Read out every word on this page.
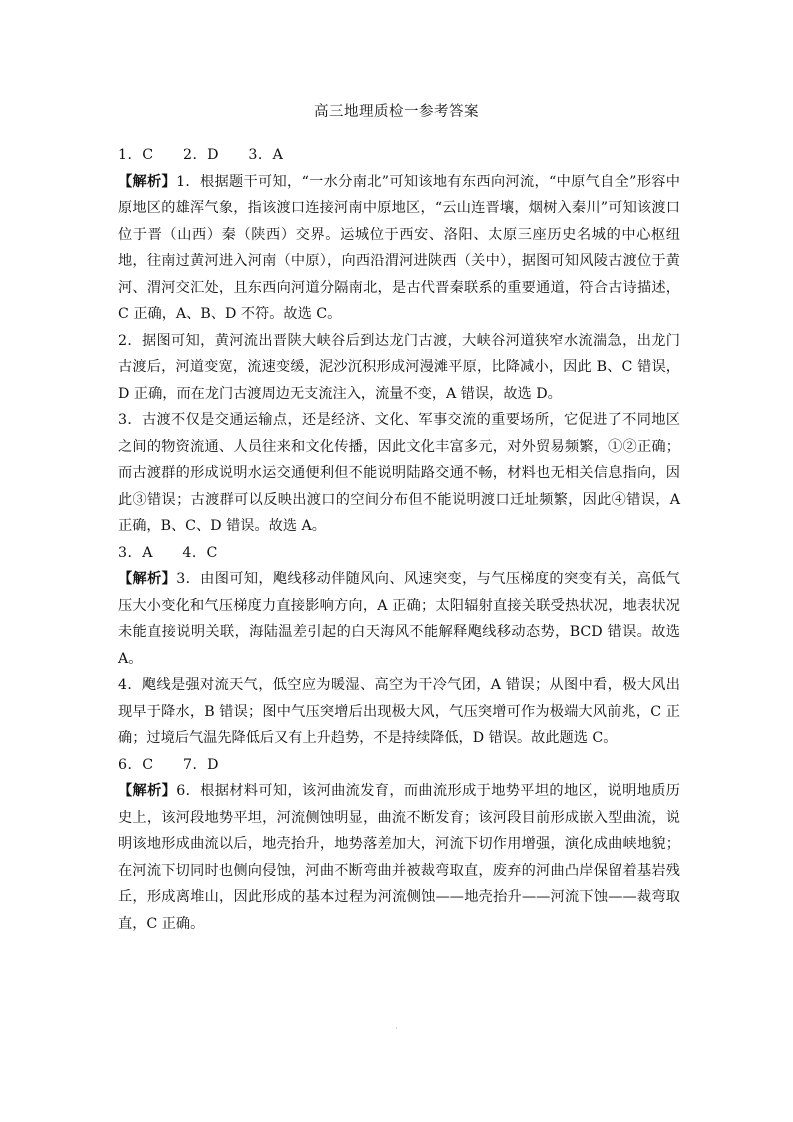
高三地理质检一参考答案

1．C　　2．D　　3．A

【解析】1．根据题干可知，“一水分南北”可知该地有东西向河流，“中原气自全”形容中原地区的雄浑气象，指该渡口连接河南中原地区，“云山连晋壤，烟树入秦川”可知该渡口位于晋（山西）秦（陕西）交界。运城位于西安、洛阳、太原三座历史名城的中心枢纽地，往南过黄河进入河南（中原），向西沿渭河进陕西（关中），据图可知风陵古渡位于黄河、渭河交汇处，且东西向河道分隔南北，是古代晋秦联系的重要通道，符合古诗描述，C 正确，A、B、D 不符。故选 C。

2．据图可知，黄河流出晋陕大峡谷后到达龙门古渡，大峡谷河道狭窄水流湍急，出龙门古渡后，河道变宽，流速变缓，泥沙沉积形成河漫滩平原，比降减小，因此 B、C 错误，D 正确，而在龙门古渡周边无支流注入，流量不变，A 错误，故选 D。

3．古渡不仅是交通运输点，还是经济、文化、军事交流的重要场所，它促进了不同地区之间的物资流通、人员往来和文化传播，因此文化丰富多元，对外贸易频繁，①②正确；而古渡群的形成说明水运交通便利但不能说明陆路交通不畅，材料也无相关信息指向，因此③错误；古渡群可以反映出渡口的空间分布但不能说明渡口迁址频繁，因此④错误，A 正确，B、C、D 错误。故选 A。

3．A　　4．C

【解析】3．由图可知，飑线移动伴随风向、风速突变，与气压梯度的突变有关，高低气压大小变化和气压梯度力直接影响方向，A 正确；太阳辐射直接关联受热状况，地表状况未能直接说明关联，海陆温差引起的白天海风不能解释飑线移动态势，BCD 错误。故选 A。

4．飑线是强对流天气，低空应为暖湿、高空为干冷气团，A 错误；从图中看，极大风出现早于降水，B 错误；图中气压突增后出现极大风，气压突增可作为极端大风前兆，C 正确；过境后气温先降低后又有上升趋势，不是持续降低，D 错误。故此题选 C。

6．C　　7．D

【解析】6．根据材料可知，该河曲流发育，而曲流形成于地势平坦的地区，说明地质历史上，该河段地势平坦，河流侧蚀明显，曲流不断发育；该河段目前形成嵌入型曲流，说明该地形成曲流以后，地壳抬升，地势落差加大，河流下切作用增强，演化成曲峡地貌；在河流下切同时也侧向侵蚀，河曲不断弯曲并被裁弯取直，废弃的河曲凸岸保留着基岩残丘，形成离堆山，因此形成的基本过程为河流侧蚀——地壳抬升——河流下蚀——裁弯取直，C 正确。

·
